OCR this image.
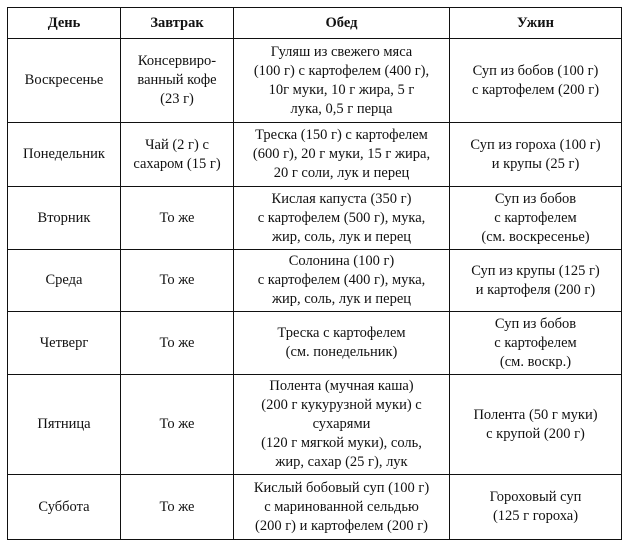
День	Завтрак	Обед	Ужин
Воскресенье	Консервиро-
ванный кофе
(23 г)	Гуляш из свежего мяса
(100 г) с картофелем (400 г),
10г муки, 10 г жира, 5 г
лука, 0,5 г перца	Суп из бобов (100 г)
с картофелем (200 г)

Понедельник	Чай (2 г) с
сахаром (15 г)	Треска (150 г) с картофелем
(600 г), 20 г муки, 15 г жира,
20 г соли, лук и перец	Суп из гороха (100 г)
и крупы (25 г)

Вторник	То же	Кислая капуста (350 г)
с картофелем (500 г), мука,
жир, соль, лук и перец	Суп из бобов
с картофелем
(см. воскресенье)

Среда	То же	Солонина (100 г)
с картофелем (400 г), мука,
жир, соль, лук и перец	Суп из крупы (125 г)
и картофеля (200 г)

Четверг	То же	Треска с картофелем
(см. понедельник)	Суп из бобов
с картофелем
(см. воскр.)

Пятница	То же	Полента (мучная каша)
(200 г кукурузной муки) с
сухарями
(120 г мягкой муки), соль,
жир, сахар (25 г), лук	Полента (50 г муки)
с крупой (200 г)

Суббота	То же	Кислый бобовый суп (100 г)
с маринованной сельдью
(200 г) и картофелем (200 г)	Гороховый суп
(125 г гороха)
